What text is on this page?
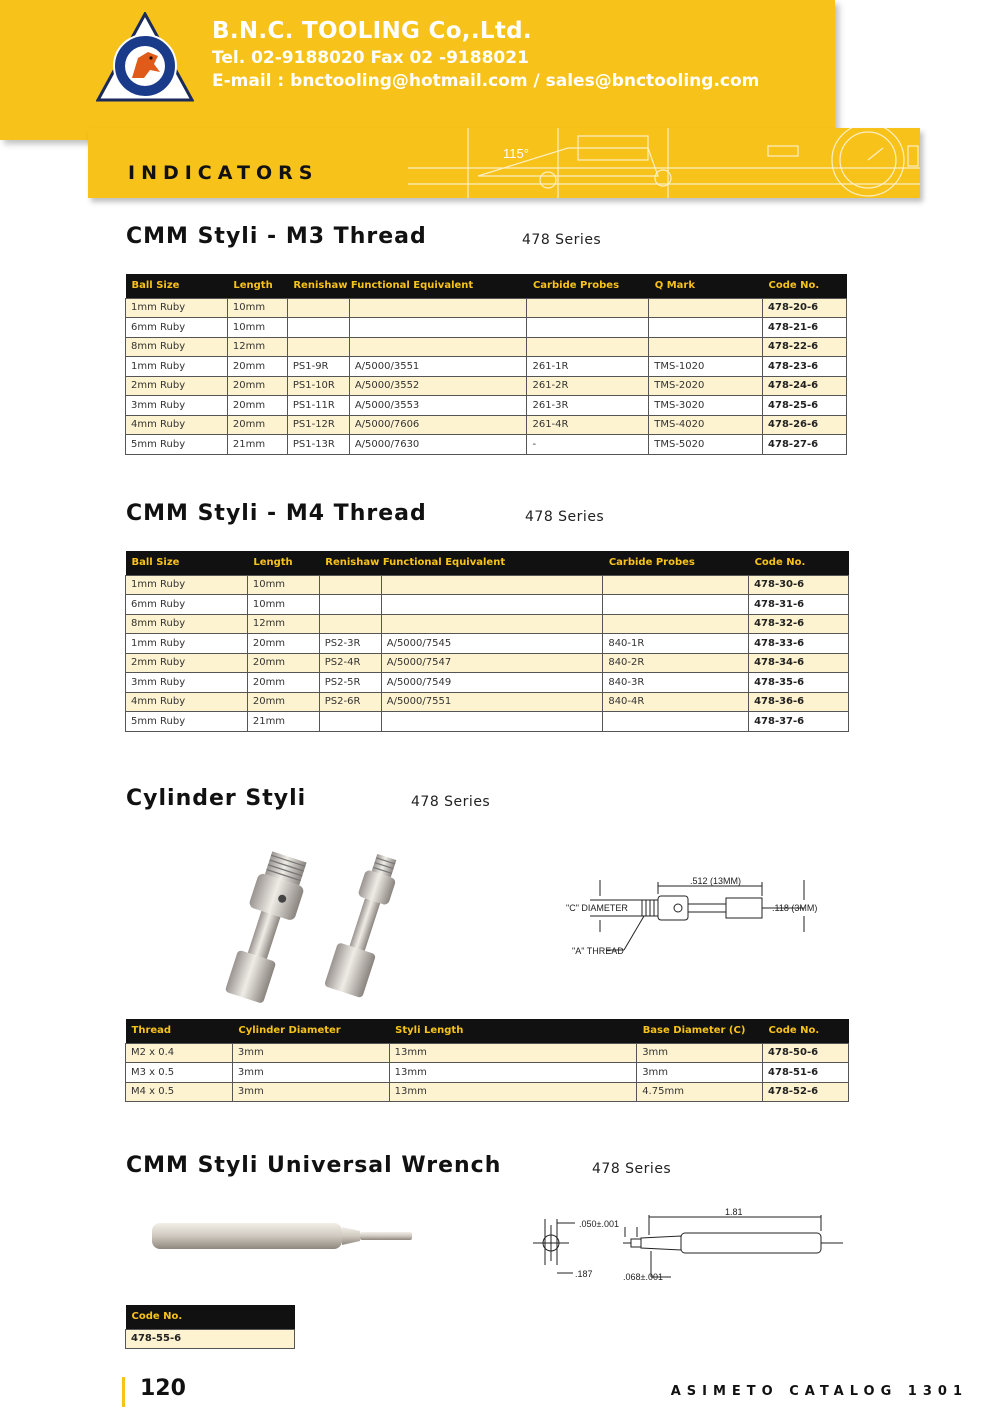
B.N.C. TOOLING Co,.Ltd.
Tel. 02-9188020 Fax 02 -9188021
E-mail : bnctooling@hotmail.com / sales@bnctooling.com
INDICATORS
115°
CMM Styli - M3 Thread	478 Series
Ball Size	Length	Renishaw Functional Equivalent		Carbide Probes	Q Mark	Code No.
1mm Ruby	10mm					478-20-6
6mm Ruby	10mm					478-21-6
8mm Ruby	12mm					478-22-6
1mm Ruby	20mm	PS1-9R	A/5000/3551	261-1R	TMS-1020	478-23-6
2mm Ruby	20mm	PS1-10R	A/5000/3552	261-2R	TMS-2020	478-24-6
3mm Ruby	20mm	PS1-11R	A/5000/3553	261-3R	TMS-3020	478-25-6
4mm Ruby	20mm	PS1-12R	A/5000/7606	261-4R	TMS-4020	478-26-6
5mm Ruby	21mm	PS1-13R	A/5000/7630	-	TMS-5020	478-27-6
CMM Styli - M4 Thread	478 Series
Ball Size	Length	Renishaw Functional Equivalent		Carbide Probes	Code No.
1mm Ruby	10mm				478-30-6
6mm Ruby	10mm				478-31-6
8mm Ruby	12mm				478-32-6
1mm Ruby	20mm	PS2-3R	A/5000/7545	840-1R	478-33-6
2mm Ruby	20mm	PS2-4R	A/5000/7547	840-2R	478-34-6
3mm Ruby	20mm	PS2-5R	A/5000/7549	840-3R	478-35-6
4mm Ruby	20mm	PS2-6R	A/5000/7551	840-4R	478-36-6
5mm Ruby	21mm				478-37-6
Cylinder Styli	478 Series
.512 (13MM)
"C" DIAMETER
"A" THREAD
.118 (3MM)
Thread	Cylinder Diameter	Styli Length	Base Diameter (C)	Code No.
M2 x 0.4	3mm	13mm	3mm	478-50-6
M3 x 0.5	3mm	13mm	3mm	478-51-6
M4 x 0.5	3mm	13mm	4.75mm	478-52-6
CMM Styli Universal Wrench	478 Series
1.81
.050±.001
.187	.068±.001
Code No.
478-55-6
120	ASIMETO CATALOG 1301
